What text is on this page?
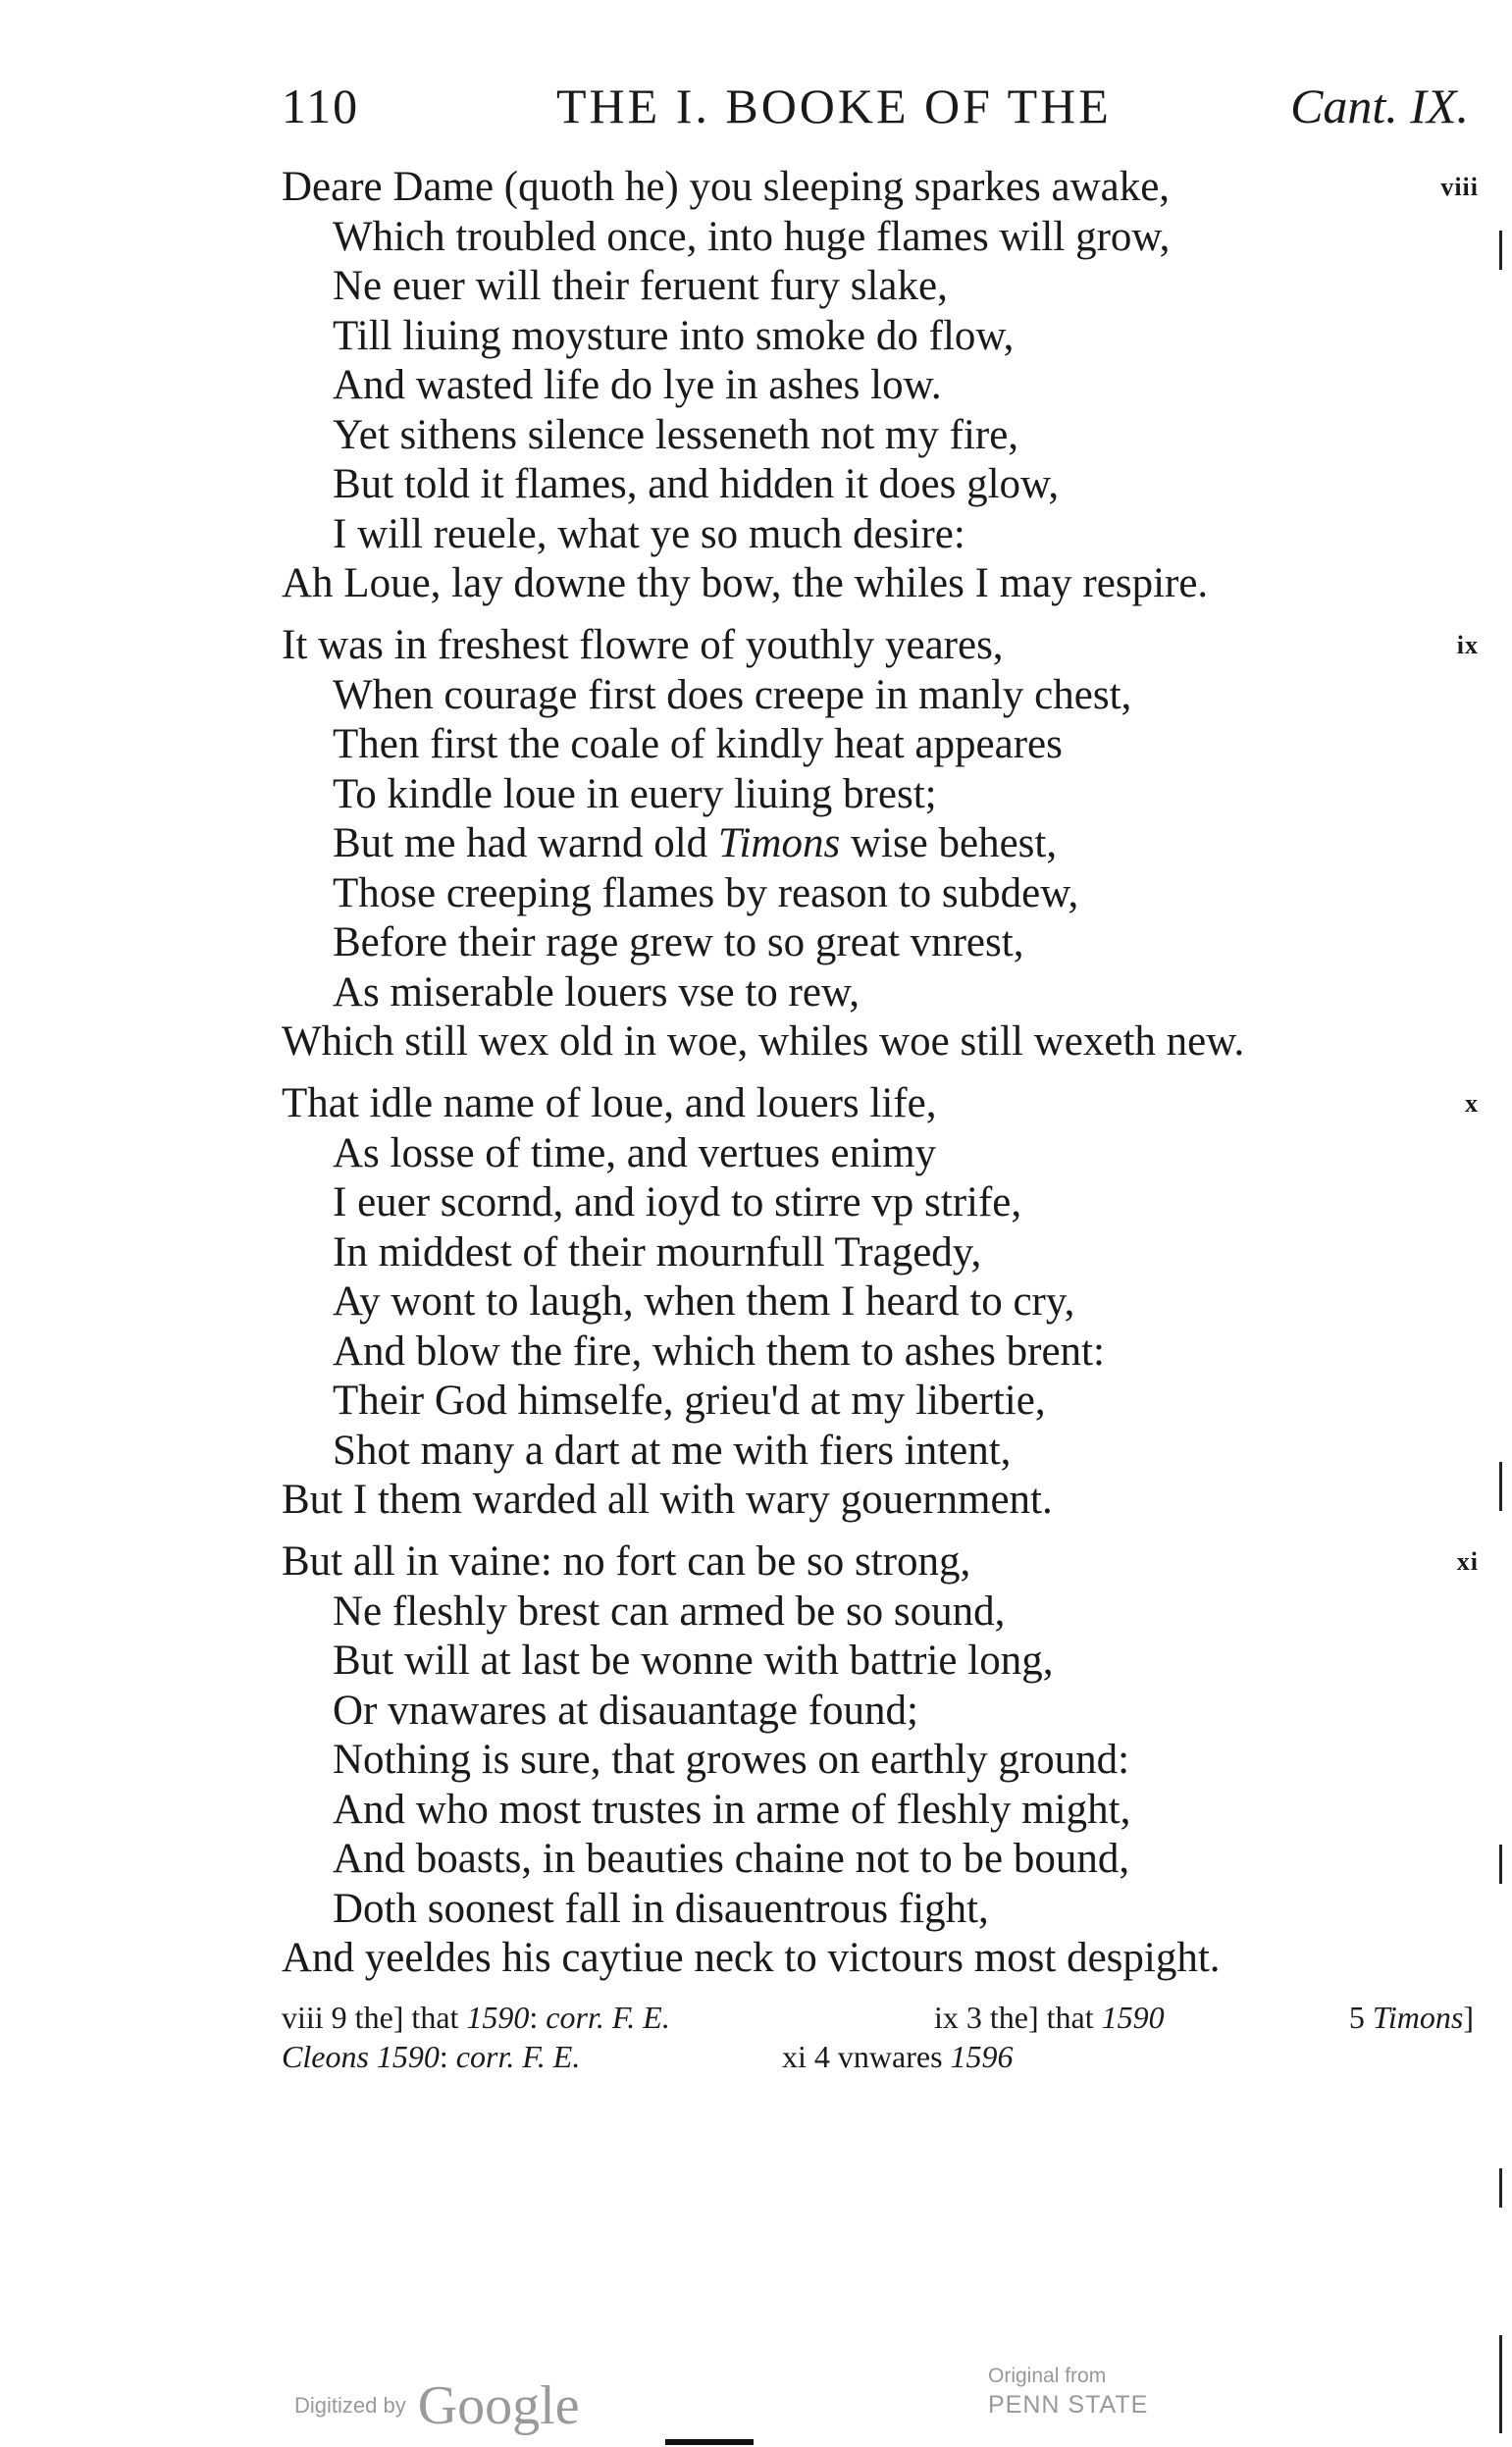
110	THE I. BOOKE OF THE	Cant. IX.
Deare Dame (quoth he) you sleeping sparkes awake,	viii
Which troubled once, into huge flames will grow,
Ne euer will their feruent fury slake,
Till liuing moysture into smoke do flow,
And wasted life do lye in ashes low.
Yet sithens silence lesseneth not my fire,
But told it flames, and hidden it does glow,
I will reuele, what ye so much desire:
Ah Loue, lay downe thy bow, the whiles I may respire.
It was in freshest flowre of youthly yeares,	ix
When courage first does creepe in manly chest,
Then first the coale of kindly heat appeares
To kindle loue in euery liuing brest;
But me had warnd old Timons wise behest,
Those creeping flames by reason to subdew,
Before their rage grew to so great vnrest,
As miserable louers vse to rew,
Which still wex old in woe, whiles woe still wexeth new.
That idle name of loue, and louers life,	x
As losse of time, and vertues enimy
I euer scornd, and ioyd to stirre vp strife,
In middest of their mournfull Tragedy,
Ay wont to laugh, when them I heard to cry,
And blow the fire, which them to ashes brent:
Their God himselfe, grieu'd at my libertie,
Shot many a dart at me with fiers intent,
But I them warded all with wary gouernment.
But all in vaine: no fort can be so strong,	xi
Ne fleshly brest can armed be so sound,
But will at last be wonne with battrie long,
Or vnawares at disauantage found;
Nothing is sure, that growes on earthly ground:
And who most trustes in arme of fleshly might,
And boasts, in beauties chaine not to be bound,
Doth soonest fall in disauentrous fight,
And yeeldes his caytiue neck to victours most despight.
viii 9 the] that 1590: corr. F. E.	ix 3 the] that 1590	5 Timons]
Cleons 1590: corr. F. E.	xi 4 vnwares 1596
Digitized by Google	Original from
PENN STATE
